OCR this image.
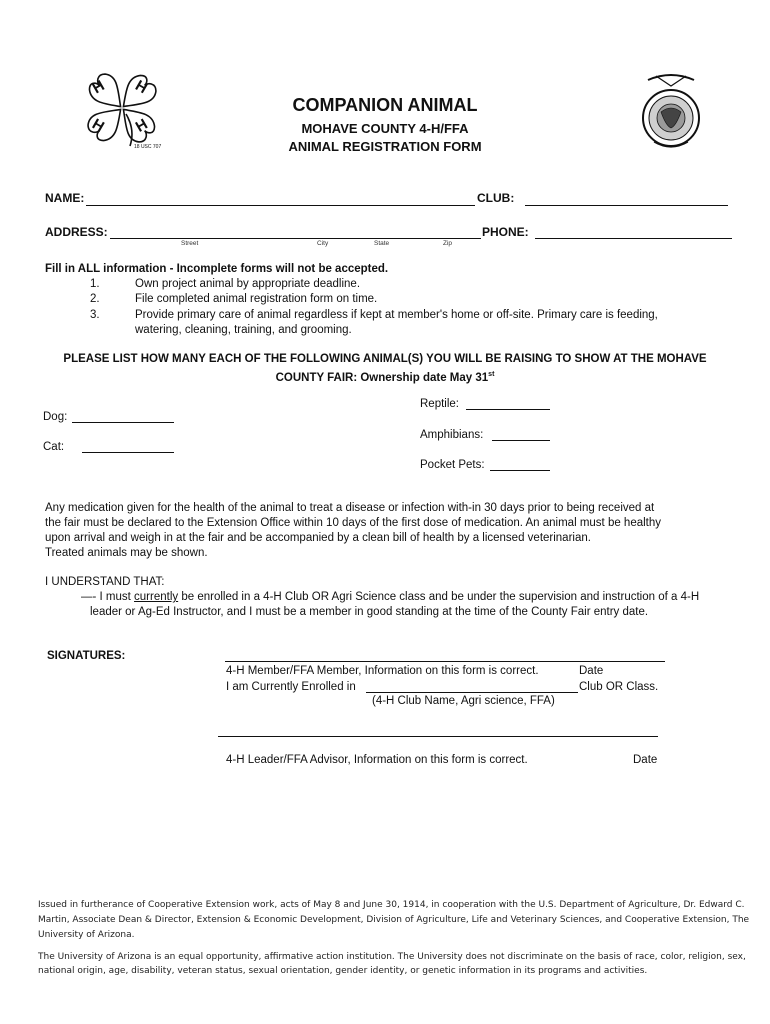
H H
H H
18 USC 707
COMPANION ANIMAL
MOHAVE COUNTY 4-H/FFA
ANIMAL REGISTRATION FORM
NAME:	CLUB:
ADDRESS:	PHONE:
Street	City	State	Zip
Fill in ALL information - Incomplete forms will not be accepted.
1.	Own project animal by appropriate deadline.
2.	File completed animal registration form on time.
3.	Provide primary care of animal regardless if kept at member's home or off-site. Primary care is feeding,
watering, cleaning, training, and grooming.
PLEASE LIST HOW MANY EACH OF THE FOLLOWING ANIMAL(S) YOU WILL BE RAISING TO SHOW AT THE MOHAVE
COUNTY FAIR: Ownership date May 31st
Reptile:
Dog:
Amphibians:
Cat:
Pocket Pets:
Any medication given for the health of the animal to treat a disease or infection with-in 30 days prior to being received at
the fair must be declared to the Extension Office within 10 days of the first dose of medication. An animal must be healthy
upon arrival and weigh in at the fair and be accompanied by a clean bill of health by a licensed veterinarian.
Treated animals may be shown.
I UNDERSTAND THAT:
—- I must currently be enrolled in a 4-H Club OR Agri Science class and be under the supervision and instruction of a 4-H
leader or Ag-Ed Instructor, and I must be a member in good standing at the time of the County Fair entry date.
SIGNATURES:
4-H Member/FFA Member, Information on this form is correct.	Date
I am Currently Enrolled in	Club OR Class.
(4-H Club Name, Agri science, FFA)
4-H Leader/FFA Advisor, Information on this form is correct.	Date
Issued in furtherance of Cooperative Extension work, acts of May 8 and June 30, 1914, in cooperation with the U.S. Department of Agriculture, Dr. Edward C.
Martin, Associate Dean & Director, Extension & Economic Development, Division of Agriculture, Life and Veterinary Sciences, and Cooperative Extension, The
University of Arizona.
The University of Arizona is an equal opportunity, affirmative action institution. The University does not discriminate on the basis of race, color, religion, sex,
national origin, age, disability, veteran status, sexual orientation, gender identity, or genetic information in its programs and activities.
